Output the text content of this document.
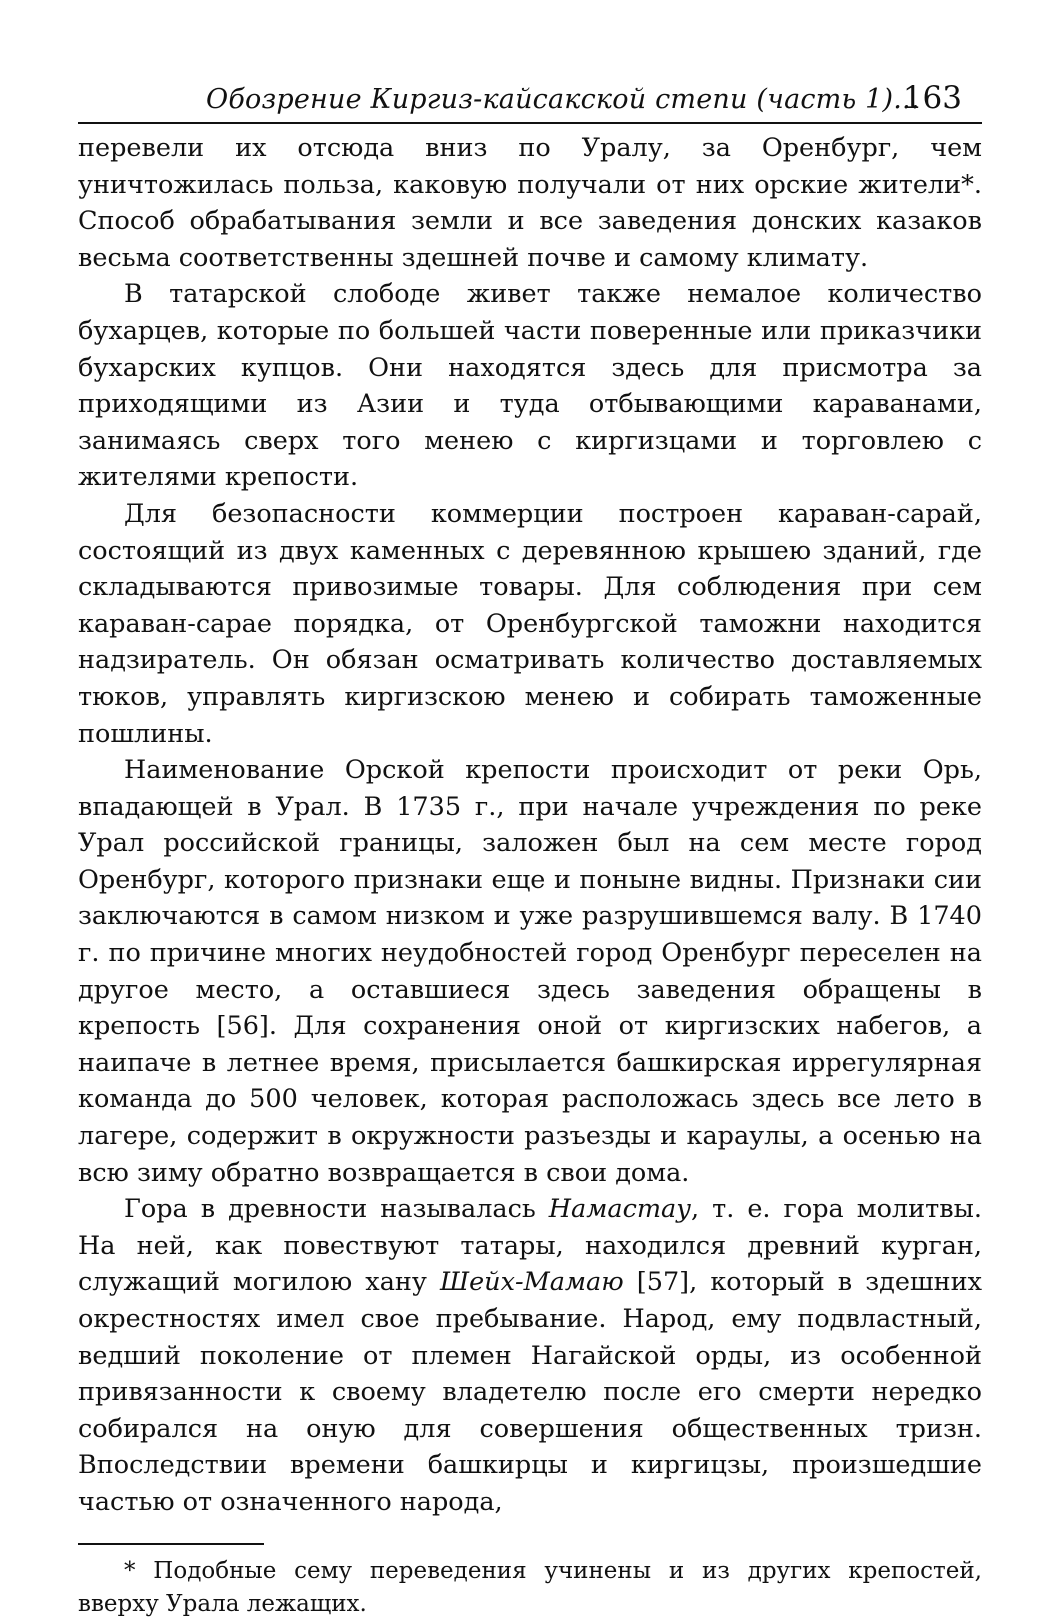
Обозрение Киргиз-кайсакской степи (часть 1)...
163

перевели их отсюда вниз по Уралу, за Оренбург, чем уничтожилась польза, каковую получали от них орские жители*. Способ обрабатывания земли и все заведения донских казаков весьма соответственны здешней почве и самому климату.

В татарской слободе живет также немалое количество бухарцев, которые по большей части поверенные или приказчики бухарских купцов. Они находятся здесь для присмотра за приходящими из Азии и туда отбывающими караванами, занимаясь сверх того менею с киргизцами и торговлею с жителями крепости.

Для безопасности коммерции построен караван-сарай, состоящий из двух каменных с деревянною крышею зданий, где складываются привозимые товары. Для соблюдения при сем караван-сарае порядка, от Оренбургской таможни находится надзиратель. Он обязан осматривать количество доставляемых тюков, управлять киргизскою менею и собирать таможенные пошлины.

Наименование Орской крепости происходит от реки Орь, впадающей в Урал. В 1735 г., при начале учреждения по реке Урал российской границы, заложен был на сем месте город Оренбург, которого признаки еще и поныне видны. Признаки сии заключаются в самом низком и уже разрушившемся валу. В 1740 г. по причине многих неудобностей город Оренбург переселен на другое место, а оставшиеся здесь заведения обращены в крепость [56]. Для сохранения оной от киргизских набегов, а наипаче в летнее время, присылается башкирская иррегулярная команда до 500 человек, которая расположась здесь все лето в лагере, содержит в окружности разъезды и караулы, а осенью на всю зиму обратно возвращается в свои дома.

Гора в древности называлась Намастау, т. е. гора молитвы. На ней, как повествуют татары, находился древний курган, служащий могилою хану Шейх-Мамаю [57], который в здешних окрестностях имел свое пребывание. Народ, ему подвластный, ведший поколение от племен Нагайской орды, из особенной привязанности к своему владетелю после его смерти нередко собирался на оную для совершения общественных тризн. Впоследствии времени башкирцы и киргицзы, произшедшие частью от означенного народа,

* Подобные сему переведения учинены и из других крепостей, вверху Урала лежащих.
